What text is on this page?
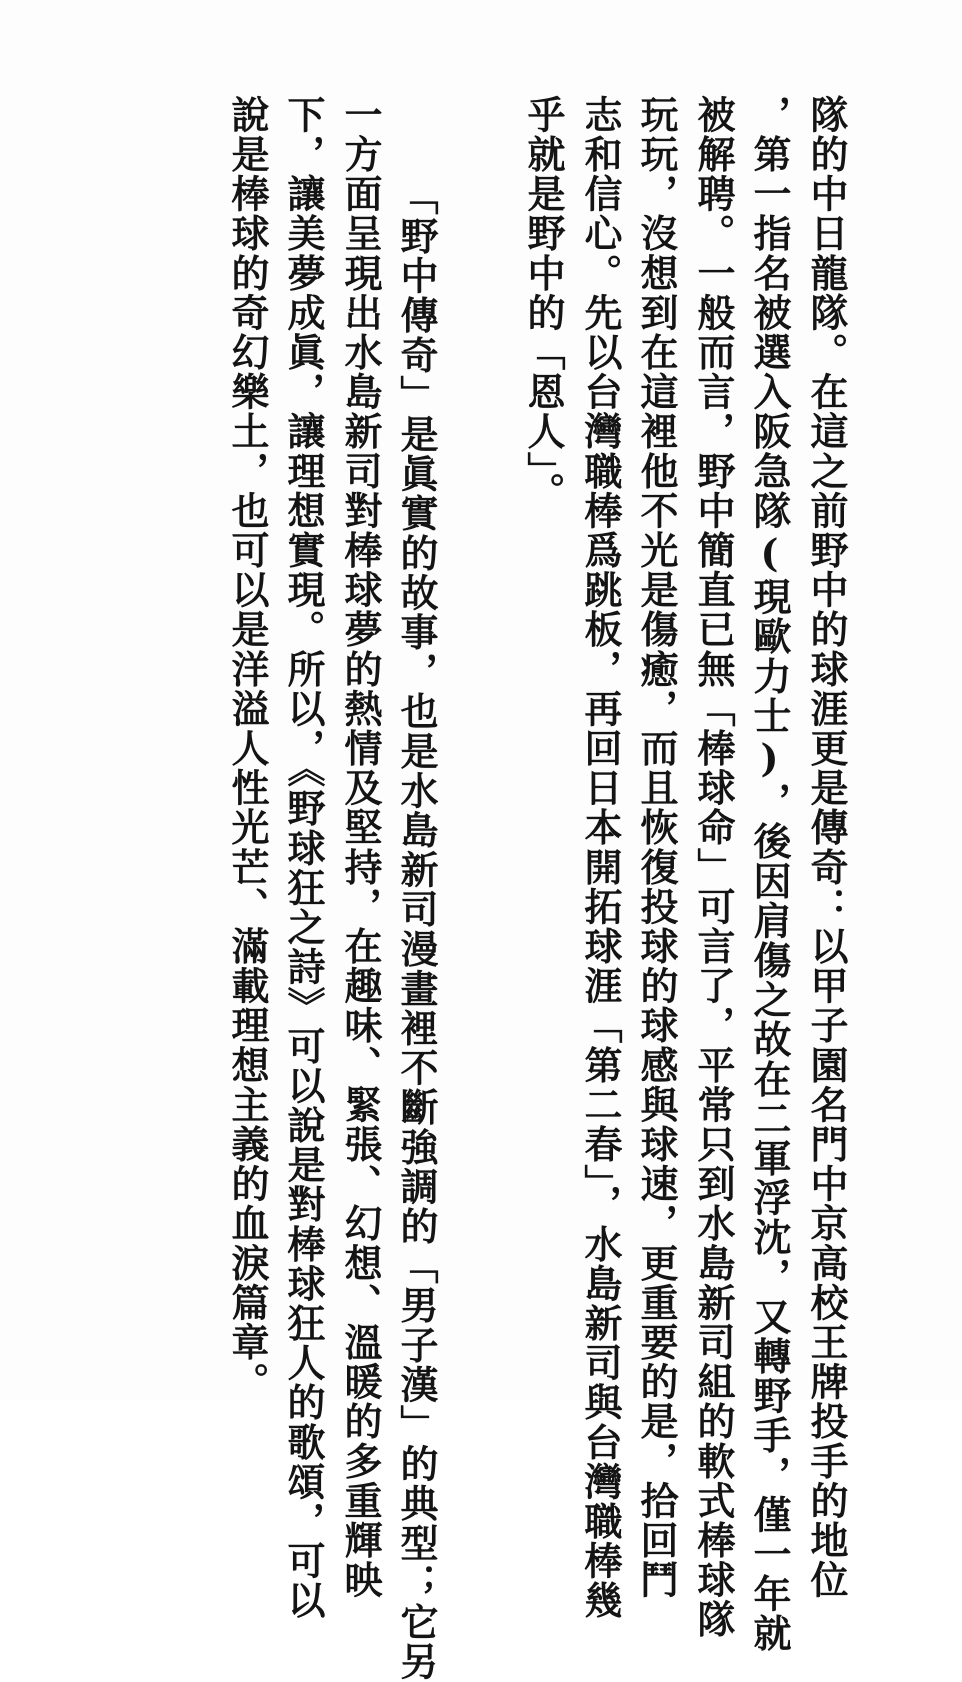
隊的中日龍隊。在這之前野中的球涯更是傳奇：以甲子園名門中京高校王牌投手的地位
，第一指名被選入阪急隊(現歐力士)，後因肩傷之故在二軍浮沈，又轉野手，僅一年就
被解聘。一般而言，野中簡直已無「棒球命」可言了，平常只到水島新司組的軟式棒球隊
玩玩，沒想到在這裡他不光是傷癒，而且恢復投球的球感與球速，更重要的是，拾回鬥
志和信心。先以台灣職棒爲跳板，再回日本開拓球涯「第二春」，水島新司與台灣職棒幾
乎就是野中的「恩人」。
「野中傳奇」是眞實的故事，也是水島新司漫畫裡不斷強調的「男子漢」的典型；它另
一方面呈現出水島新司對棒球夢的熱情及堅持，在趣味、緊張、幻想、溫暖的多重輝映
下，讓美夢成眞，讓理想實現。所以，《野球狂之詩》可以說是對棒球狂人的歌頌，可以
說是棒球的奇幻樂土，也可以是洋溢人性光芒、滿載理想主義的血淚篇章。
